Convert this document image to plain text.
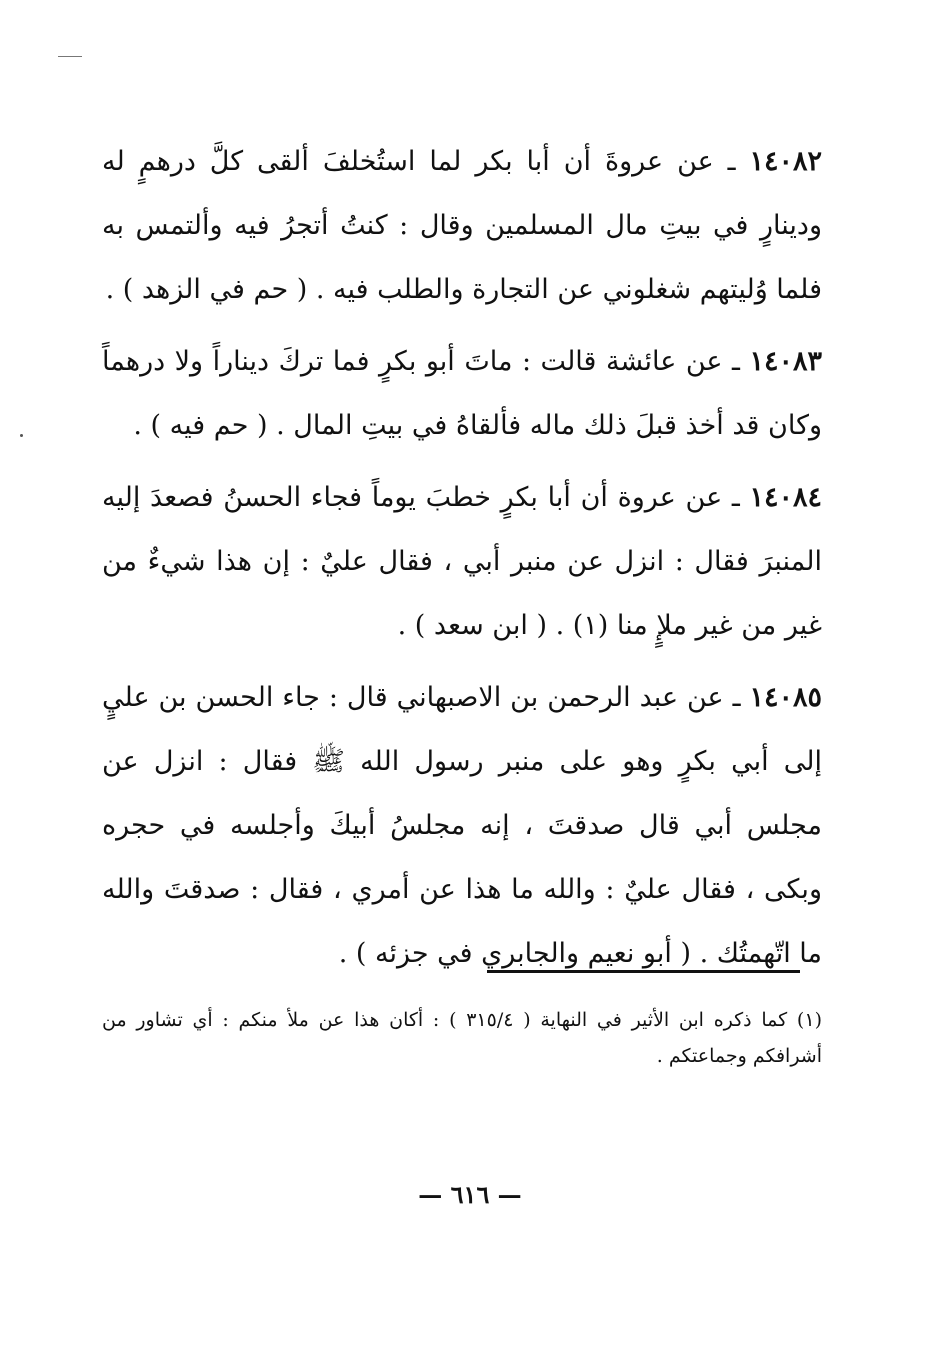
١٤٠٨٢ ـ عن عروةَ أن أبا بكر لما استُخلفَ ألقى كلَّ درهمٍ له ودينارٍ في بيتِ مال المسلمين وقال : كنتُ أتجرُ فيه وألتمس به فلما وُليتهم شغلوني عن التجارة والطلب فيه . ( حم في الزهد ) .

١٤٠٨٣ ـ عن عائشة قالت : ماتَ أبو بكرٍ فما تركَ ديناراً ولا درهماً وكان قد أخذ قبلَ ذلك ماله فألقاهُ في بيتِ المال . ( حم فيه ) .

١٤٠٨٤ ـ عن عروة أن أبا بكرٍ خطبَ يوماً فجاء الحسنُ فصعدَ إليه المنبرَ فقال : انزل عن منبر أبي ، فقال عليٌ : إن هذا شيءٌ من غير من غير ملإٍ منا (١) . ( ابن سعد ) .

١٤٠٨٥ ـ عن عبد الرحمن بن الاصبهاني قال : جاء الحسن بن عليٍ إلى أبي بكرٍ وهو على منبر رسول الله ﷺ فقال : انزل عن مجلس أبي قال صدقتَ ، إنه مجلسُ أبيكَ وأجلسه في حجره وبكى ، فقال عليٌ : والله ما هذا عن أمري ، فقال : صدقتَ والله ما اتّهمتُك . ( أبو نعيم والجابري في جزئه ) .

(١) كما ذكره ابن الأثير في النهاية ( ٣١٥/٤ ) : أكان هذا عن ملأ منكم : أي تشاور من أشرافكم وجماعتكم .
— ٦١٦ —
